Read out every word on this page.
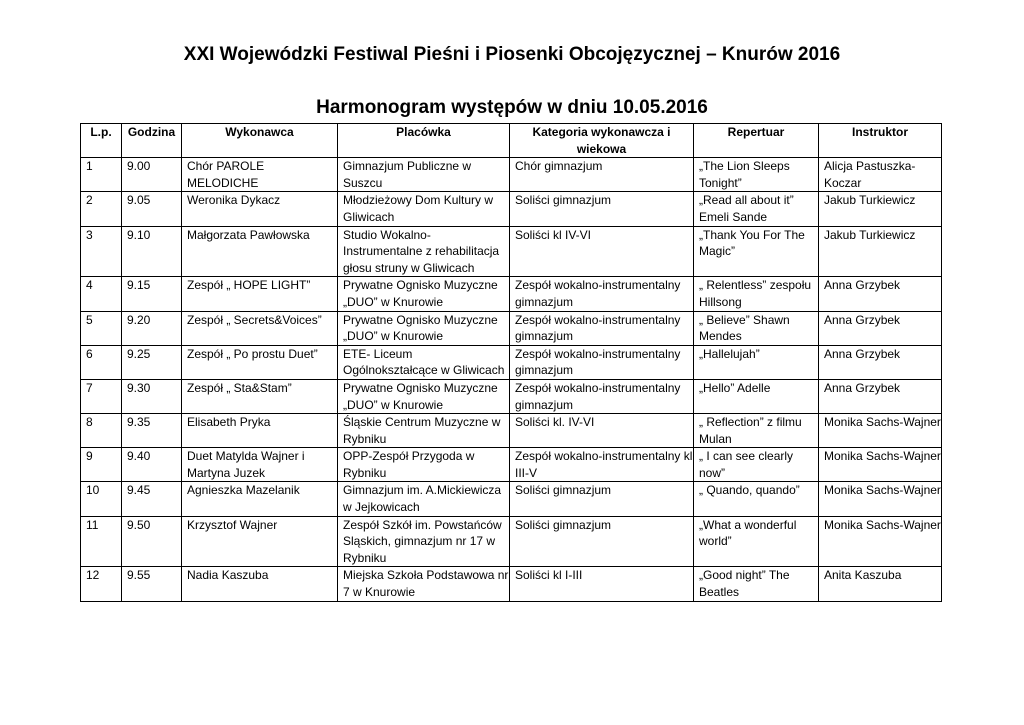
XXI Wojewódzki Festiwal Pieśni i Piosenki Obcojęzycznej – Knurów 2016
Harmonogram występów w dniu 10.05.2016
L.p.	Godzina	Wykonawca	Placówka	Kategoria wykonawcza i wiekowa	Repertuar	Instruktor
1	9.00	Chór PAROLE MELODICHE	Gimnazjum Publiczne w Suszcu	Chór gimnazjum	„The Lion Sleeps Tonight”	Alicja Pastuszka-Koczar
2	9.05	Weronika Dykacz	Młodzieżowy Dom Kultury w Gliwicach	Soliści gimnazjum	„Read all about it” Emeli Sande	Jakub Turkiewicz
3	9.10	Małgorzata Pawłowska	Studio Wokalno-Instrumentalne z rehabilitacja głosu struny w Gliwicach	Soliści kl IV-VI	„Thank You For The Magic”	Jakub Turkiewicz
4	9.15	Zespół „ HOPE LIGHT”	Prywatne Ognisko Muzyczne „DUO” w Knurowie	Zespół wokalno-instrumentalny gimnazjum	„ Relentless” zespołu Hillsong	Anna Grzybek
5	9.20	Zespół „ Secrets&Voices”	Prywatne Ognisko Muzyczne „DUO” w Knurowie	Zespół wokalno-instrumentalny gimnazjum	„ Believe” Shawn Mendes	Anna Grzybek
6	9.25	Zespół „ Po prostu Duet”	ETE- Liceum Ogólnokształcące w Gliwicach	Zespół wokalno-instrumentalny gimnazjum	„Hallelujah”	Anna Grzybek
7	9.30	Zespół „ Sta&Stam”	Prywatne Ognisko Muzyczne „DUO” w Knurowie	Zespół wokalno-instrumentalny gimnazjum	„Hello” Adelle	Anna Grzybek
8	9.35	Elisabeth Pryka	Śląskie Centrum Muzyczne w Rybniku	Soliści kl. IV-VI	„ Reflection” z filmu Mulan	Monika Sachs-Wajner
9	9.40	Duet Matylda Wajner i Martyna Juzek	OPP-Zespół Przygoda w Rybniku	Zespół wokalno-instrumentalny kl III-V	„ I can see clearly now”	Monika Sachs-Wajner
10	9.45	Agnieszka Mazelanik	Gimnazjum im. A.Mickiewicza w Jejkowicach	Soliści gimnazjum	„ Quando, quando”	Monika Sachs-Wajner
11	9.50	Krzysztof Wajner	Zespół Szkół im. Powstańców Sląskich, gimnazjum nr 17 w Rybniku	Soliści gimnazjum	„What a wonderful world”	Monika Sachs-Wajner
12	9.55	Nadia Kaszuba	Miejska Szkoła Podstawowa nr 7 w Knurowie	Soliści kl I-III	„Good night” The Beatles	Anita Kaszuba
